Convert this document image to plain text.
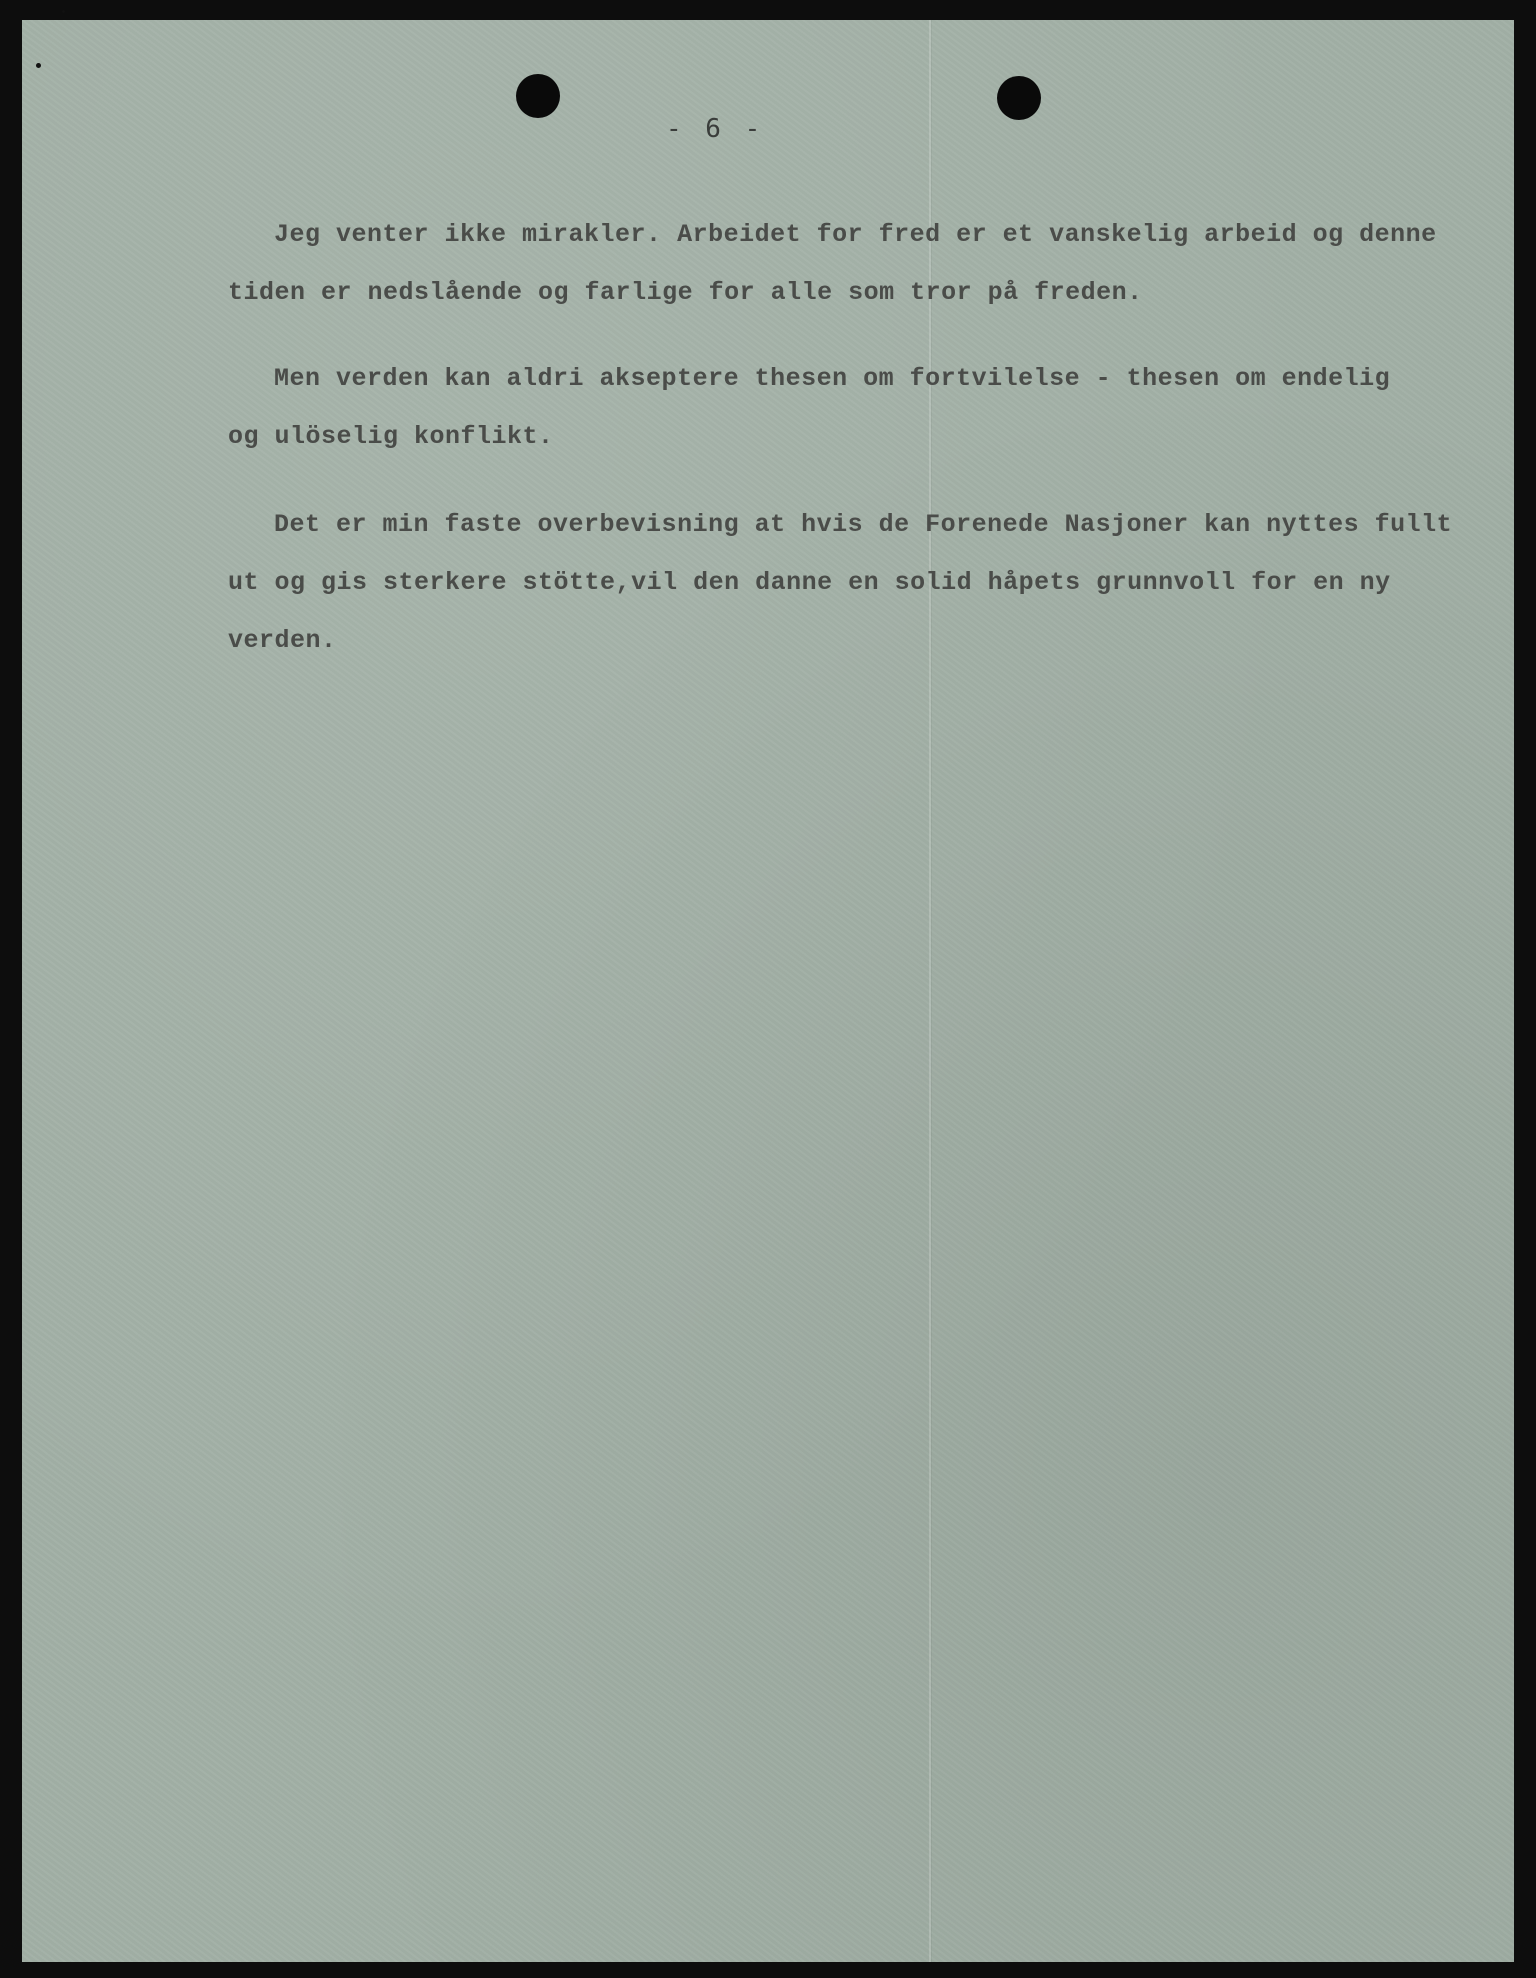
- 6 -

Jeg venter ikke mirakler. Arbeidet for fred er et vanskelig arbeid og denne
tiden er nedslående og farlige for alle som tror på freden.

Men verden kan aldri akseptere thesen om fortvilelse - thesen om endelig
og ulöselig konflikt.

Det er min faste overbevisning at hvis de Forenede Nasjoner kan nyttes fullt
ut og gis sterkere stötte,vil den danne en solid håpets grunnvoll for en ny
verden.
